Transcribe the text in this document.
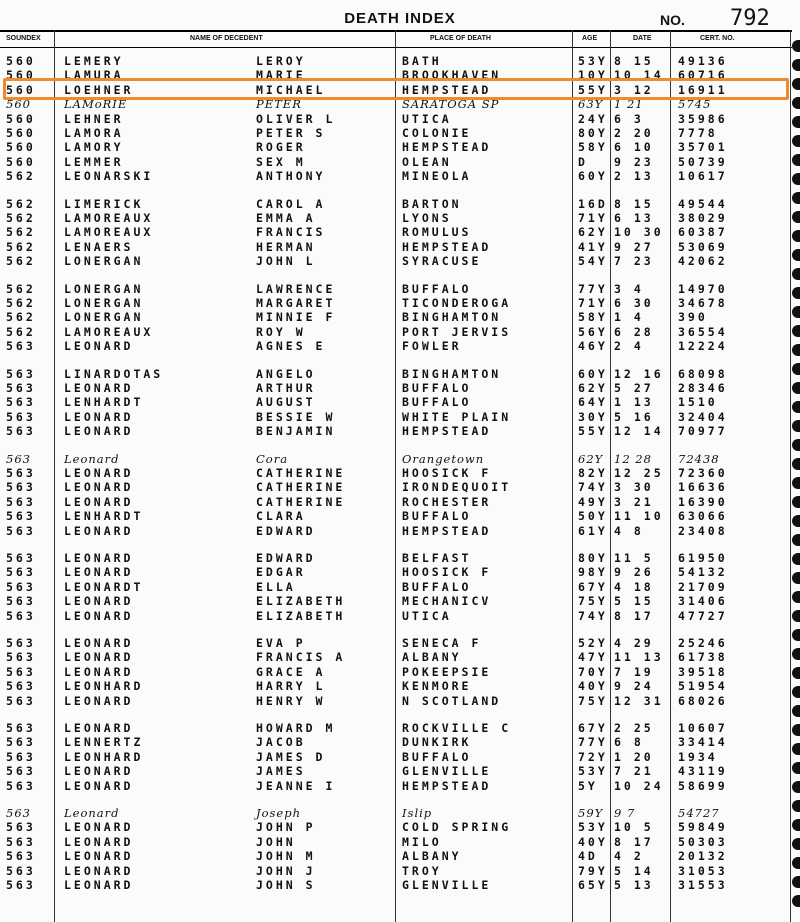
DEATH INDEX	NO. 792
SOUNDEX	NAME OF DECEDENT	PLACE OF DEATH	AGE	DATE	CERT. NO.
560 LEMERY	LEROY	BATH	53Y 8 15 49136
560 LAMURA	MARIE	BROOKHAVEN	10Y 10 14 60716
560 LOEHNER	MICHAEL	HEMPSTEAD	55Y 3 12 16911
560	LAMoRIE	PETER	SARATOGA SP	63Y 1 21	5745
560 LEHNER	OLIVER L	UTICA	24Y 6 3	35986
560 LAMORA	PETER S	COLONIE	80Y 2 20 7778
560 LAMORY	ROGER	HEMPSTEAD	58Y 6 10 35701
560 LEMMER	SEX M	OLEAN	D 9 23 50739
562 LEONARSKI	ANTHONY	MINEOLA	60Y 2 13 10617
562 LIMERICK	CAROL A	BARTON	16D 8 15 49544
562 LAMOREAUX	EMMA A	LYONS	71Y 6 13 38029
562 LAMOREAUX	FRANCIS	ROMULUS	62Y 10 30 60387
562 LENAERS	HERMAN	HEMPSTEAD	41Y 9 27 53069
562 LONERGAN	JOHN L	SYRACUSE	54Y 7 23 42062
562 LONERGAN	LAWRENCE	BUFFALO	77Y 3 4	14970
562 LONERGAN	MARGARET	TICONDEROGA	71Y 6 30 34678
562 LONERGAN	MINNIE F	BINGHAMTON	58Y 1 4	390
562 LAMOREAUX	ROY W	PORT JERVIS	56Y 6 28 36554
563 LEONARD	AGNES E	FOWLER	46Y 2 4	12224
563 LINARDOTAS	ANGELO	BINGHAMTON	60Y 12 16 68098
563 LEONARD	ARTHUR	BUFFALO	62Y 5 27 28346
563 LENHARDT	AUGUST	BUFFALO	64Y 1 13 1510
563 LEONARD	BESSIE W	WHITE PLAIN	30Y 5 16 32404
563 LEONARD	BENJAMIN	HEMPSTEAD	55Y 12 14 70977
563	Leonard	Cora	Orangetown	62Y 12 28 72438
563 LEONARD	CATHERINE	HOOSICK F	82Y 12 25 72360
563 LEONARD	CATHERINE	IRONDEQUOIT	74Y 3 30 16636
563 LEONARD	CATHERINE	ROCHESTER	49Y 3 21 16390
563 LENHARDT	CLARA	BUFFALO	50Y 11 10 63066
563 LEONARD	EDWARD	HEMPSTEAD	61Y 4 8	23408
563 LEONARD	EDWARD	BELFAST	80Y 11 5 61950
563 LEONARD	EDGAR	HOOSICK F	98Y 9 26 54132
563 LEONARDT	ELLA	BUFFALO	67Y 4 18 21709
563 LEONARD	ELIZABETH	MECHANICV	75Y 5 15 31406
563 LEONARD	ELIZABETH	UTICA	74Y 8 17 47727
563 LEONARD	EVA P	SENECA F	52Y 4 29 25246
563 LEONARD	FRANCIS A	ALBANY	47Y 11 13 61738
563 LEONARD	GRACE A	POKEEPSIE	70Y 7 19 39518
563 LEONHARD	HARRY L	KENMORE	40Y 9 24 51954
563 LEONARD	HENRY W	N SCOTLAND	75Y 12 31 68026
563 LEONARD	HOWARD M	ROCKVILLE C	67Y 2 25 10607
563 LENNERTZ	JACOB	DUNKIRK	77Y 6 8	33414
563 LEONHARD	JAMES D	BUFFALO	72Y 1 20 1934
563 LEONARD	JAMES	GLENVILLE	53Y 7 21 43119
563 LEONARD	JEANNE I	HEMPSTEAD	5Y 10 24 58699
563	Leonard	Joseph	Islip	59Y 9 7	54727
563 LEONARD	JOHN P	COLD SPRING	53Y 10 5 59849
563 LEONARD	JOHN	MILO	40Y 8 17 50303
563 LEONARD	JOHN M	ALBANY	4D 4 2	20132
563 LEONARD	JOHN J	TROY	79Y 5 14 31053
563 LEONARD	JOHN S	GLENVILLE	65Y 5 13 31553
